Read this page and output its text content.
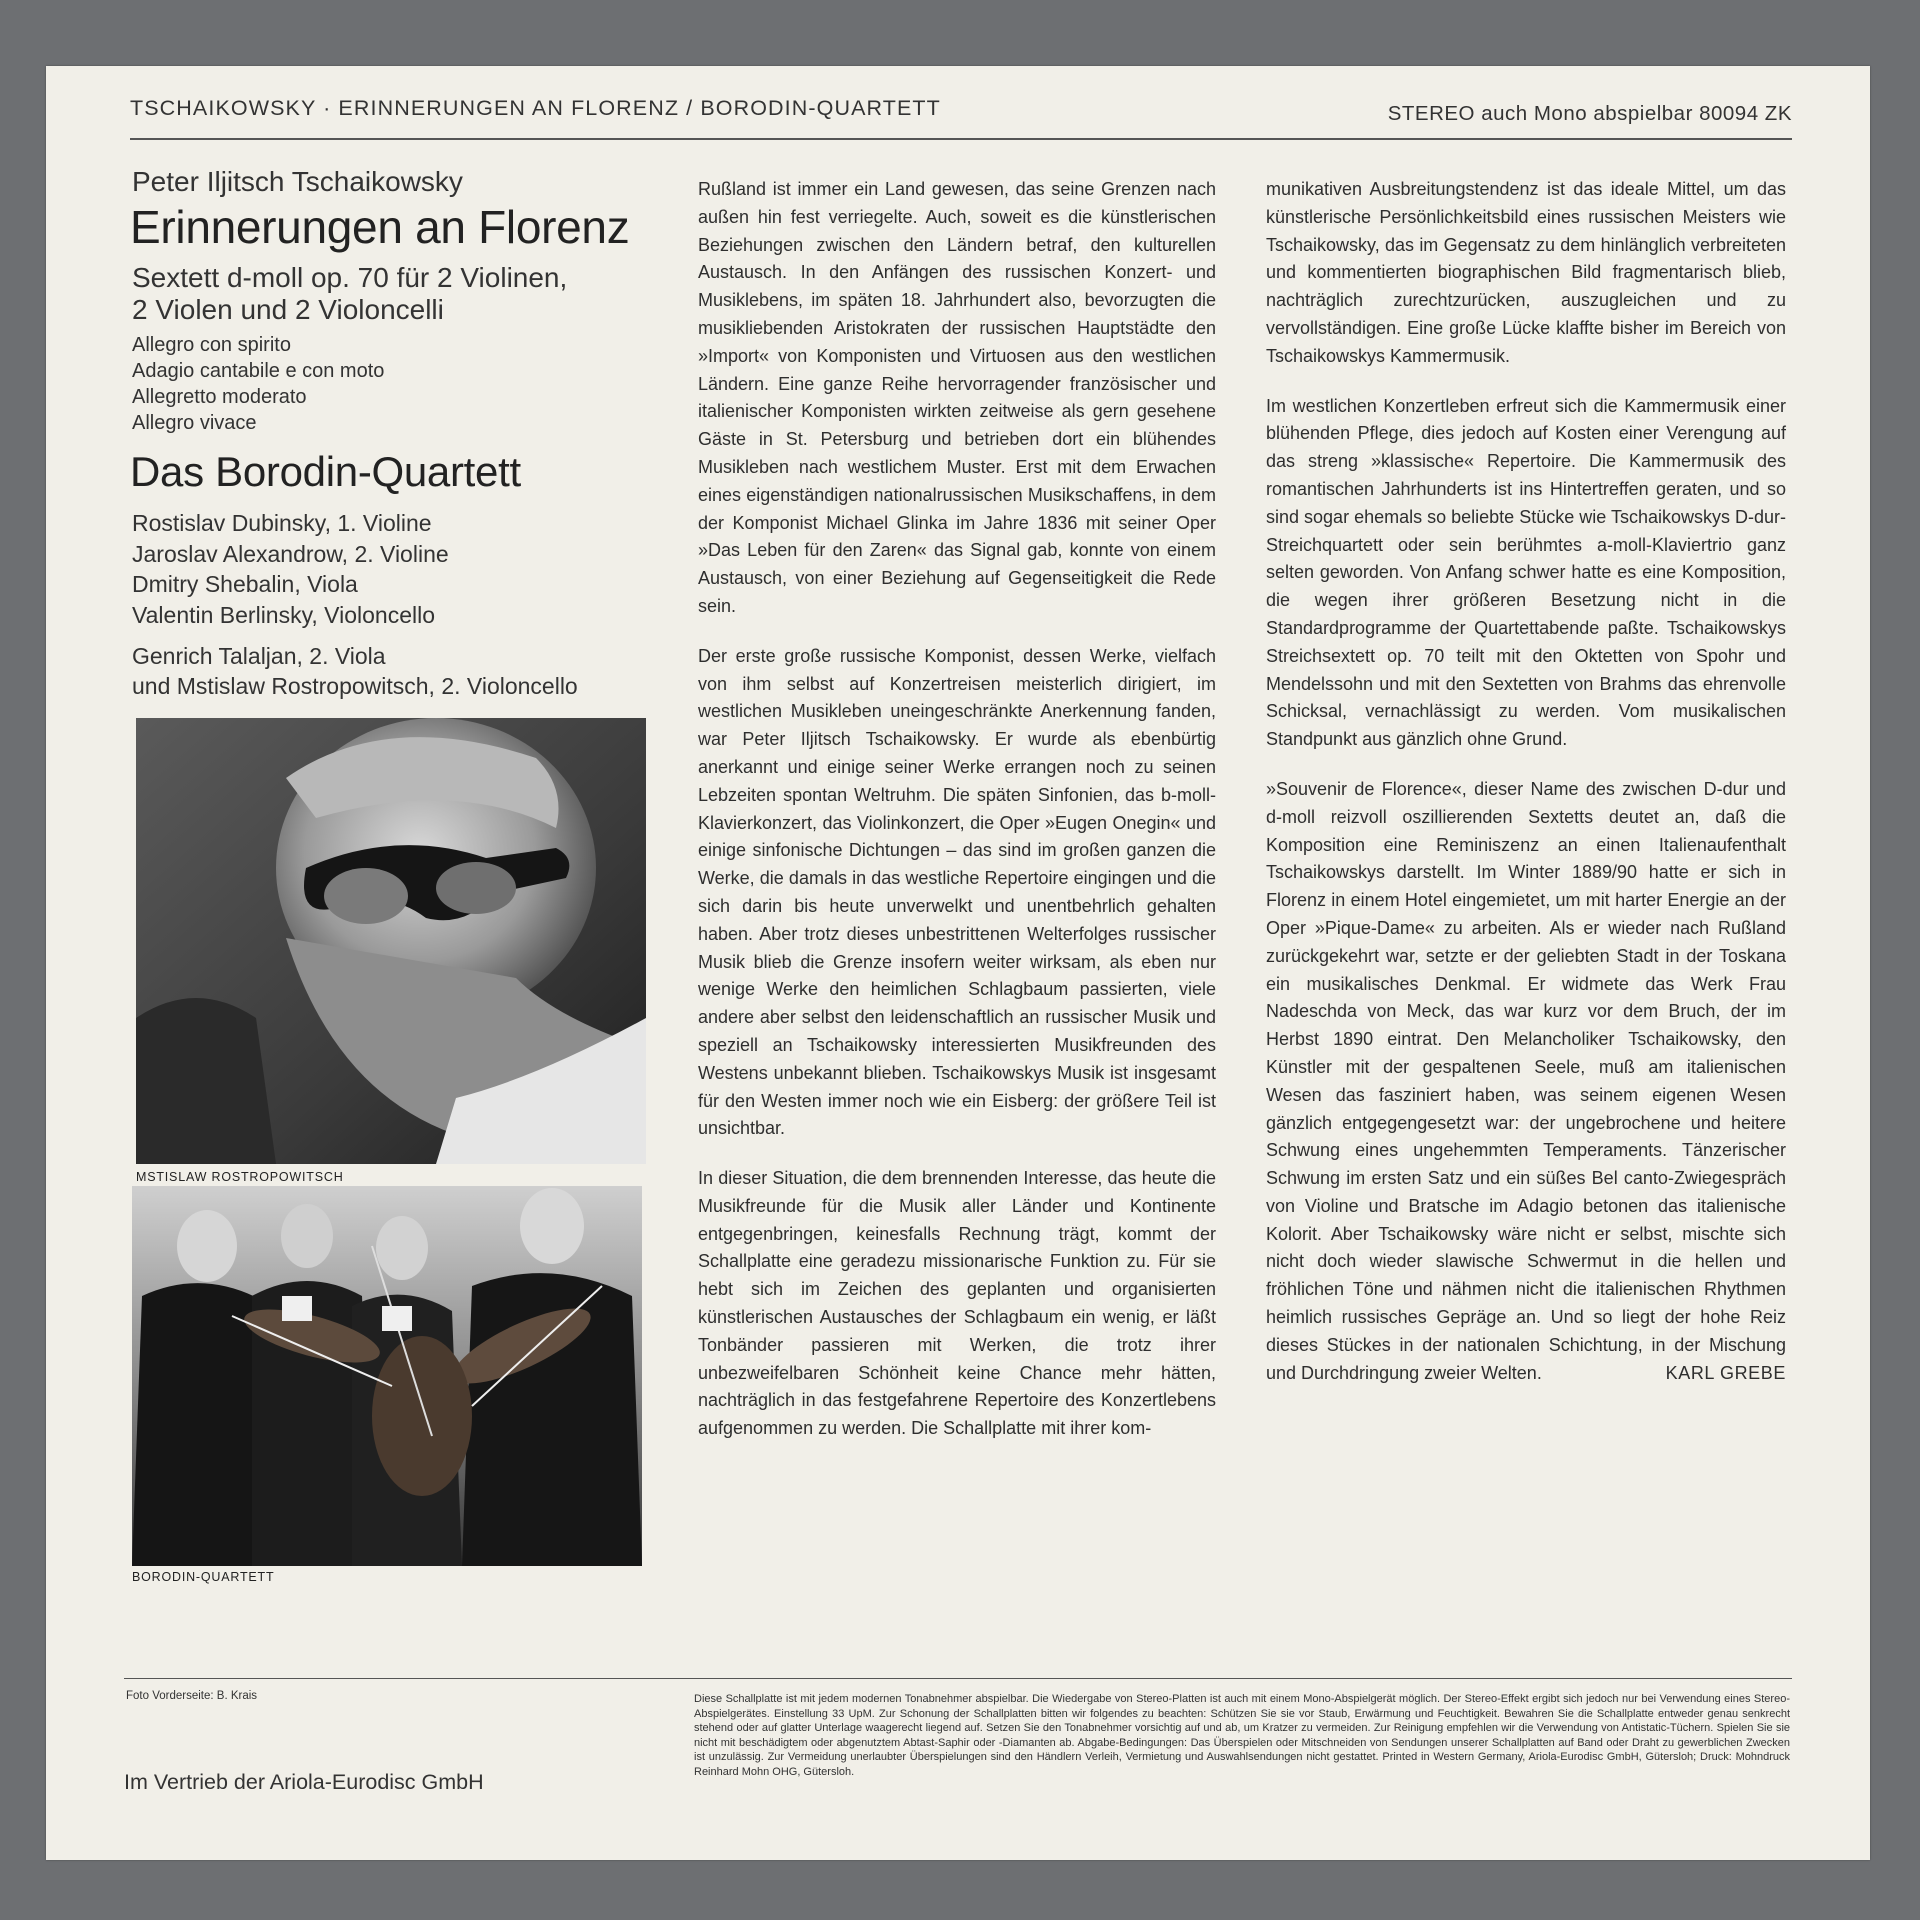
TSCHAIKOWSKY · ERINNERUNGEN AN FLORENZ / BORODIN-QUARTETT	STEREO auch Mono abspielbar 80094 ZK
Peter Iljitsch Tschaikowsky
Erinnerungen an Florenz
Sextett d-moll op. 70 für 2 Violinen,
2 Violen und 2 Violoncelli
Allegro con spirito
Adagio cantabile e con moto
Allegretto moderato
Allegro vivace
Das Borodin-Quartett
Rostislav Dubinsky, 1. Violine
Jaroslav Alexandrow, 2. Violine
Dmitry Shebalin, Viola
Valentin Berlinsky, Violoncello
Genrich Talaljan, 2. Viola
und Mstislaw Rostropowitsch, 2. Violoncello
MSTISLAW ROSTROPOWITSCH
BORODIN-QUARTETT

Rußland ist immer ein Land gewesen, das seine Grenzen nach außen hin fest verriegelte. Auch, soweit es die künstlerischen Beziehungen zwischen den Ländern betraf, den kulturellen Austausch. In den Anfängen des russischen Konzert- und Musiklebens, im späten 18. Jahrhundert also, bevorzugten die musikliebenden Aristokraten der russischen Hauptstädte den »Import« von Komponisten und Virtuosen aus den westlichen Ländern. Eine ganze Reihe hervorragender französischer und italienischer Komponisten wirkten zeitweise als gern gesehene Gäste in St. Petersburg und betrieben dort ein blühendes Musikleben nach westlichem Muster. Erst mit dem Erwachen eines eigenständigen nationalrussischen Musikschaffens, in dem der Komponist Michael Glinka im Jahre 1836 mit seiner Oper »Das Leben für den Zaren« das Signal gab, konnte von einem Austausch, von einer Beziehung auf Gegenseitigkeit die Rede sein.

Der erste große russische Komponist, dessen Werke, vielfach von ihm selbst auf Konzertreisen meisterlich dirigiert, im westlichen Musikleben uneingeschränkte Anerkennung fanden, war Peter Iljitsch Tschaikowsky. Er wurde als ebenbürtig anerkannt und einige seiner Werke errangen noch zu seinen Lebzeiten spontan Weltruhm. Die späten Sinfonien, das b-moll-Klavierkonzert, das Violinkonzert, die Oper »Eugen Onegin« und einige sinfonische Dichtungen – das sind im großen ganzen die Werke, die damals in das westliche Repertoire eingingen und die sich darin bis heute unverwelkt und unentbehrlich gehalten haben. Aber trotz dieses unbestrittenen Welterfolges russischer Musik blieb die Grenze insofern weiter wirksam, als eben nur wenige Werke den heimlichen Schlagbaum passierten, viele andere aber selbst den leidenschaftlich an russischer Musik und speziell an Tschaikowsky interessierten Musikfreunden des Westens unbekannt blieben. Tschaikowskys Musik ist insgesamt für den Westen immer noch wie ein Eisberg: der größere Teil ist unsichtbar.

In dieser Situation, die dem brennenden Interesse, das heute die Musikfreunde für die Musik aller Länder und Kontinente entgegenbringen, keinesfalls Rechnung trägt, kommt der Schallplatte eine geradezu missionarische Funktion zu. Für sie hebt sich im Zeichen des geplanten und organisierten künstlerischen Austausches der Schlagbaum ein wenig, er läßt Tonbänder passieren mit Werken, die trotz ihrer unbezweifelbaren Schönheit keine Chance mehr hätten, nachträglich in das festgefahrene Repertoire des Konzertlebens aufgenommen zu werden. Die Schallplatte mit ihrer kom-

munikativen Ausbreitungstendenz ist das ideale Mittel, um das künstlerische Persönlichkeitsbild eines russischen Meisters wie Tschaikowsky, das im Gegensatz zu dem hinlänglich verbreiteten und kommentierten biographischen Bild fragmentarisch blieb, nachträglich zurechtzurücken, auszugleichen und zu vervollständigen. Eine große Lücke klaffte bisher im Bereich von Tschaikowskys Kammermusik.

Im westlichen Konzertleben erfreut sich die Kammermusik einer blühenden Pflege, dies jedoch auf Kosten einer Verengung auf das streng »klassische« Repertoire. Die Kammermusik des romantischen Jahrhunderts ist ins Hintertreffen geraten, und so sind sogar ehemals so beliebte Stücke wie Tschaikowskys D-dur-Streichquartett oder sein berühmtes a-moll-Klaviertrio ganz selten geworden. Von Anfang schwer hatte es eine Komposition, die wegen ihrer größeren Besetzung nicht in die Standardprogramme der Quartettabende paßte. Tschaikowskys Streichsextett op. 70 teilt mit den Oktetten von Spohr und Mendelssohn und mit den Sextetten von Brahms das ehrenvolle Schicksal, vernachlässigt zu werden. Vom musikalischen Standpunkt aus gänzlich ohne Grund.

»Souvenir de Florence«, dieser Name des zwischen D-dur und d-moll reizvoll oszillierenden Sextetts deutet an, daß die Komposition eine Reminiszenz an einen Italienaufenthalt Tschaikowskys darstellt. Im Winter 1889/90 hatte er sich in Florenz in einem Hotel eingemietet, um mit harter Energie an der Oper »Pique-Dame« zu arbeiten. Als er wieder nach Rußland zurückgekehrt war, setzte er der geliebten Stadt in der Toskana ein musikalisches Denkmal. Er widmete das Werk Frau Nadeschda von Meck, das war kurz vor dem Bruch, der im Herbst 1890 eintrat. Den Melancholiker Tschaikowsky, den Künstler mit der gespaltenen Seele, muß am italienischen Wesen das fasziniert haben, was seinem eigenen Wesen gänzlich entgegengesetzt war: der ungebrochene und heitere Schwung eines ungehemmten Temperaments. Tänzerischer Schwung im ersten Satz und ein süßes Bel canto-Zwiegespräch von Violine und Bratsche im Adagio betonen das italienische Kolorit. Aber Tschaikowsky wäre nicht er selbst, mischte sich nicht doch wieder slawische Schwermut in die hellen und fröhlichen Töne und nähmen nicht die italienischen Rhythmen heimlich russisches Gepräge an. Und so liegt der hohe Reiz dieses Stückes in der nationalen Schichtung, in der Mischung und Durchdringung zweier Welten.	KARL GREBE

Foto Vorderseite: B. Krais
Im Vertrieb der Ariola-Eurodisc GmbH
Diese Schallplatte ist mit jedem modernen Tonabnehmer abspielbar. Die Wiedergabe von Stereo-Platten ist auch mit einem Mono-Abspielgerät möglich. Der Stereo-Effekt ergibt sich jedoch nur bei Verwendung eines Stereo-Abspielgerätes. Einstellung 33 UpM. Zur Schonung der Schallplatten bitten wir folgendes zu beachten: Schützen Sie sie vor Staub, Erwärmung und Feuchtigkeit. Bewahren Sie die Schallplatte entweder genau senkrecht stehend oder auf glatter Unterlage waagerecht liegend auf. Setzen Sie den Tonabnehmer vorsichtig auf und ab, um Kratzer zu vermeiden. Zur Reinigung empfehlen wir die Verwendung von Antistatic-Tüchern. Spielen Sie sie nicht mit beschädigtem oder abgenutztem Abtast-Saphir oder -Diamanten ab. Abgabe-Bedingungen: Das Überspielen oder Mitschneiden von Sendungen unserer Schallplatten auf Band oder Draht zu gewerblichen Zwecken ist unzulässig. Zur Vermeidung unerlaubter Überspielungen sind den Händlern Verleih, Vermietung und Auswahlsendungen nicht gestattet. Printed in Western Germany, Ariola-Eurodisc GmbH, Gütersloh; Druck: Mohndruck Reinhard Mohn OHG, Gütersloh.
